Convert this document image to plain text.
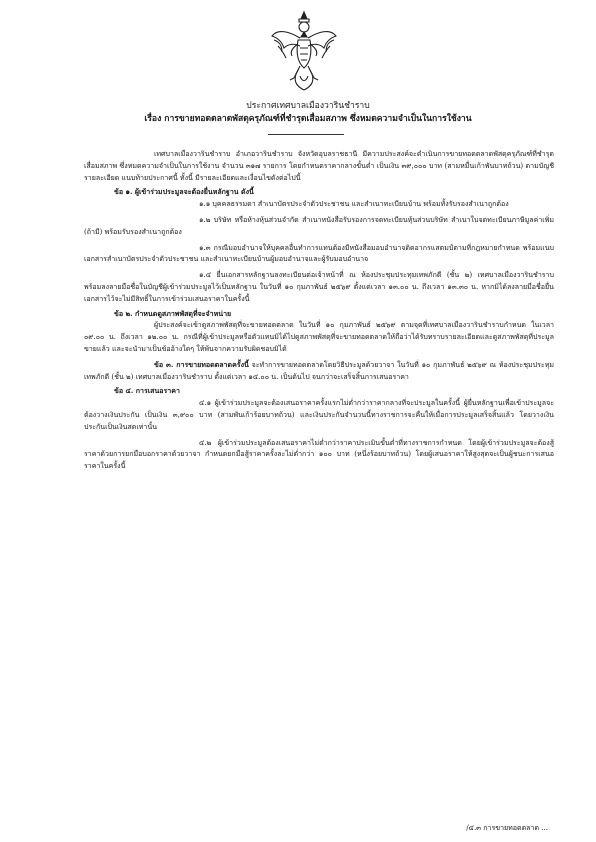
ประกาศเทศบาลเมืองวารินชำราบ
เรื่อง การขายทอดตลาดพัสดุครุภัณฑ์ที่ชำรุดเสื่อมสภาพ ซึ่งหมดความจำเป็นในการใช้งาน

เทศบาลเมืองวารินชำราบ อำเภอวารินชำราบ จังหวัดอุบลราชธานี มีความประสงค์จะดำเนินการขายทอดตลาดพัสดุครุภัณฑ์ที่ชำรุดเสื่อมสภาพ ซึ่งหมดความจำเป็นในการใช้งาน จำนวน ๓๑๗ รายการ โดยกำหนดราคากลางขั้นต่ำ เป็นเงิน ๓๙,๐๐๐ บาท (สามหมื่นเก้าพันบาทถ้วน) ตามบัญชีรายละเอียด แนบท้ายประกาศนี้ ทั้งนี้ มีรายละเอียดและเงื่อนไขดังต่อไปนี้

ข้อ ๑. ผู้เข้าร่วมประมูลจะต้องยื่นหลักฐาน ดังนี้

๑.๑ บุคคลธรรมดา สำเนาบัตรประจำตัวประชาชน และสำเนาทะเบียนบ้าน พร้อมทั้งรับรองสำเนาถูกต้อง

๑.๒ บริษัท หรือห้างหุ้นส่วนจำกัด สำเนาหนังสือรับรองการจดทะเบียนหุ้นส่วนบริษัท สำเนาใบจดทะเบียนภาษีมูลค่าเพิ่ม (ถ้ามี) พร้อมรับรองสำเนาถูกต้อง

๑.๓ กรณีมอบอำนาจให้บุคคลอื่นทำการแทนต้องมีหนังสือมอบอำนาจติดอากรแสตมป์ตามที่กฎหมายกำหนด พร้อมแนบเอกสารสำเนาบัตรประจำตัวประชาชน และสำเนาทะเบียนบ้านผู้มอบอำนาจและผู้รับมอบอำนาจ

๑.๔ ยื่นเอกสารหลักฐานลงทะเบียนต่อเจ้าหน้าที่ ณ ห้องประชุมประทุมเทพภักดี (ชั้น ๒) เทศบาลเมืองวารินชำราบ พร้อมลงลายมือชื่อในบัญชีผู้เข้าร่วมประมูลไว้เป็นหลักฐาน ในวันที่ ๑๐ กุมภาพันธ์ ๒๕๖๙ ตั้งแต่เวลา ๑๓.๐๐ น. ถึงเวลา ๑๓.๓๐ น. หากมิได้ลงลายมือชื่อยื่นเอกสารไว้จะไม่มีสิทธิ์ในการเข้าร่วมเสนอราคาในครั้งนี้

ข้อ ๒. กำหนดดูสภาพพัสดุที่จะจำหน่าย

ผู้ประสงค์จะเข้าดูสภาพพัสดุที่จะขายทอดตลาด ในวันที่ ๑๐ กุมภาพันธ์ ๒๕๖๙ ตามจุดที่เทศบาลเมืองวารินชำราบกำหนด ในเวลา ๐๙.๐๐ น. ถึงเวลา ๑๒.๐๐ น. กรณีที่ผู้เข้าประมูลหรือตัวแทนมิได้ไปดูสภาพพัสดุที่จะขายทอดตลาดให้ถือว่าได้รับทราบรายละเอียดและดูสภาพพัสดุที่ประมูลขายแล้ว และจะนำมาเป็นข้ออ้างใดๆ ให้พ้นจากความรับผิดชอบมิได้

ข้อ ๓. การขายทอดตลาดครั้งนี้ จะทำการขายทอดตลาดโดยวิธีประมูลด้วยวาจา ในวันที่ ๑๐ กุมภาพันธ์ ๒๕๖๙ ณ ห้องประชุมประทุมเทพภักดี (ชั้น ๒) เทศบาลเมืองวารินชำราบ ตั้งแต่เวลา ๑๔.๐๐ น. เป็นต้นไป จนกว่าจะเสร็จสิ้นการเสนอราคา

ข้อ ๔. การเสนอราคา

๔.๑ ผู้เข้าร่วมประมูลจะต้องเสนอราคาครั้งแรกไม่ต่ำกว่าราคากลางที่จะประมูลในครั้งนี้ ผู้ยื่นหลักฐานเพื่อเข้าประมูลจะต้องวางเงินประกัน เป็นเงิน ๓,๙๐๐ บาท (สามพันเก้าร้อยบาทถ้วน) และเงินประกันจำนวนนี้ทางราชการจะคืนให้เมื่อการประมูลเสร็จสิ้นแล้ว โดยวางเงินประกันเป็นเงินสดเท่านั้น

๔.๒ ผู้เข้าร่วมประมูลต้องเสนอราคาไม่ต่ำกว่าราคาประเมินขั้นต่ำที่ทางราชการกำหนด โดยผู้เข้าร่วมประมูลจะต้องสู้ราคาด้วยการยกมือบอกราคาด้วยวาจา กำหนดยกมือสู้ราคาครั้งละไม่ต่ำกว่า ๑๐๐ บาท (หนึ่งร้อยบาทถ้วน) โดยผู้เสนอราคาให้สูงสุดจะเป็นผู้ชนะการเสนอราคาในครั้งนี้

/๔.๓ การขายทอดตลาด ...
